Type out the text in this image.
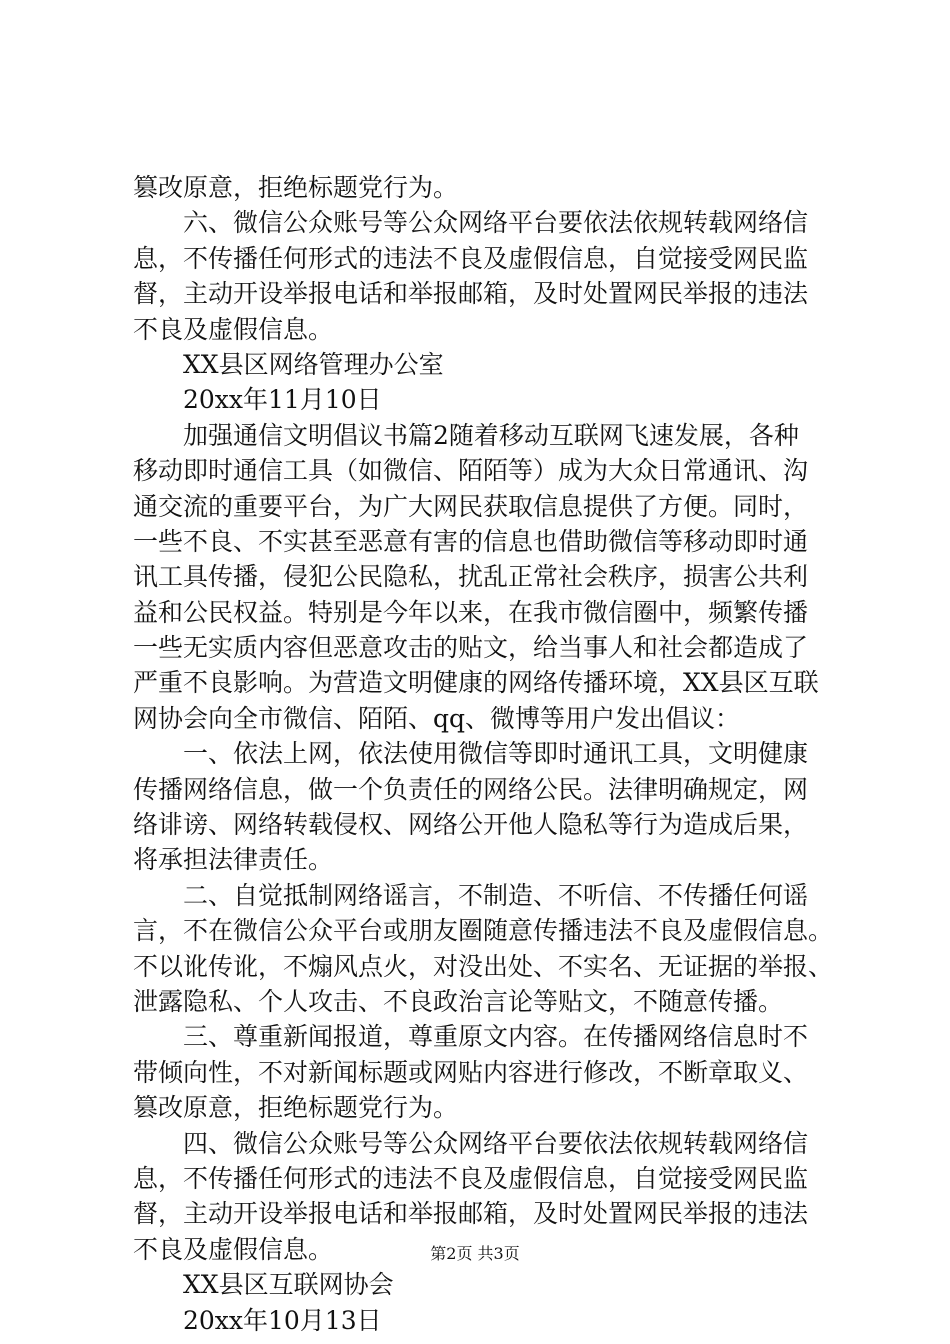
篡改原意，拒绝标题党行为。
六、微信公众账号等公众网络平台要依法依规转载网络信
息，不传播任何形式的违法不良及虚假信息，自觉接受网民监
督，主动开设举报电话和举报邮箱，及时处置网民举报的违法
不良及虚假信息。
XX县区网络管理办公室
20xx年11月10日
加强通信文明倡议书篇2随着移动互联网飞速发展，各种
移动即时通信工具（如微信、陌陌等）成为大众日常通讯、沟
通交流的重要平台，为广大网民获取信息提供了方便。同时，
一些不良、不实甚至恶意有害的信息也借助微信等移动即时通
讯工具传播，侵犯公民隐私，扰乱正常社会秩序，损害公共利
益和公民权益。特别是今年以来，在我市微信圈中，频繁传播
一些无实质内容但恶意攻击的贴文，给当事人和社会都造成了
严重不良影响。为营造文明健康的网络传播环境，XX县区互联
网协会向全市微信、陌陌、qq、微博等用户发出倡议：
一、依法上网，依法使用微信等即时通讯工具，文明健康
传播网络信息，做一个负责任的网络公民。法律明确规定，网
络诽谤、网络转载侵权、网络公开他人隐私等行为造成后果，
将承担法律责任。
二、自觉抵制网络谣言，不制造、不听信、不传播任何谣
言，不在微信公众平台或朋友圈随意传播违法不良及虚假信息。
不以讹传讹，不煽风点火，对没出处、不实名、无证据的举报、
泄露隐私、个人攻击、不良政治言论等贴文，不随意传播。
三、尊重新闻报道，尊重原文内容。在传播网络信息时不
带倾向性，不对新闻标题或网贴内容进行修改，不断章取义、
篡改原意，拒绝标题党行为。
四、微信公众账号等公众网络平台要依法依规转载网络信
息，不传播任何形式的违法不良及虚假信息，自觉接受网民监
督，主动开设举报电话和举报邮箱，及时处置网民举报的违法
不良及虚假信息。
XX县区互联网协会
20xx年10月13日
第2页 共3页
